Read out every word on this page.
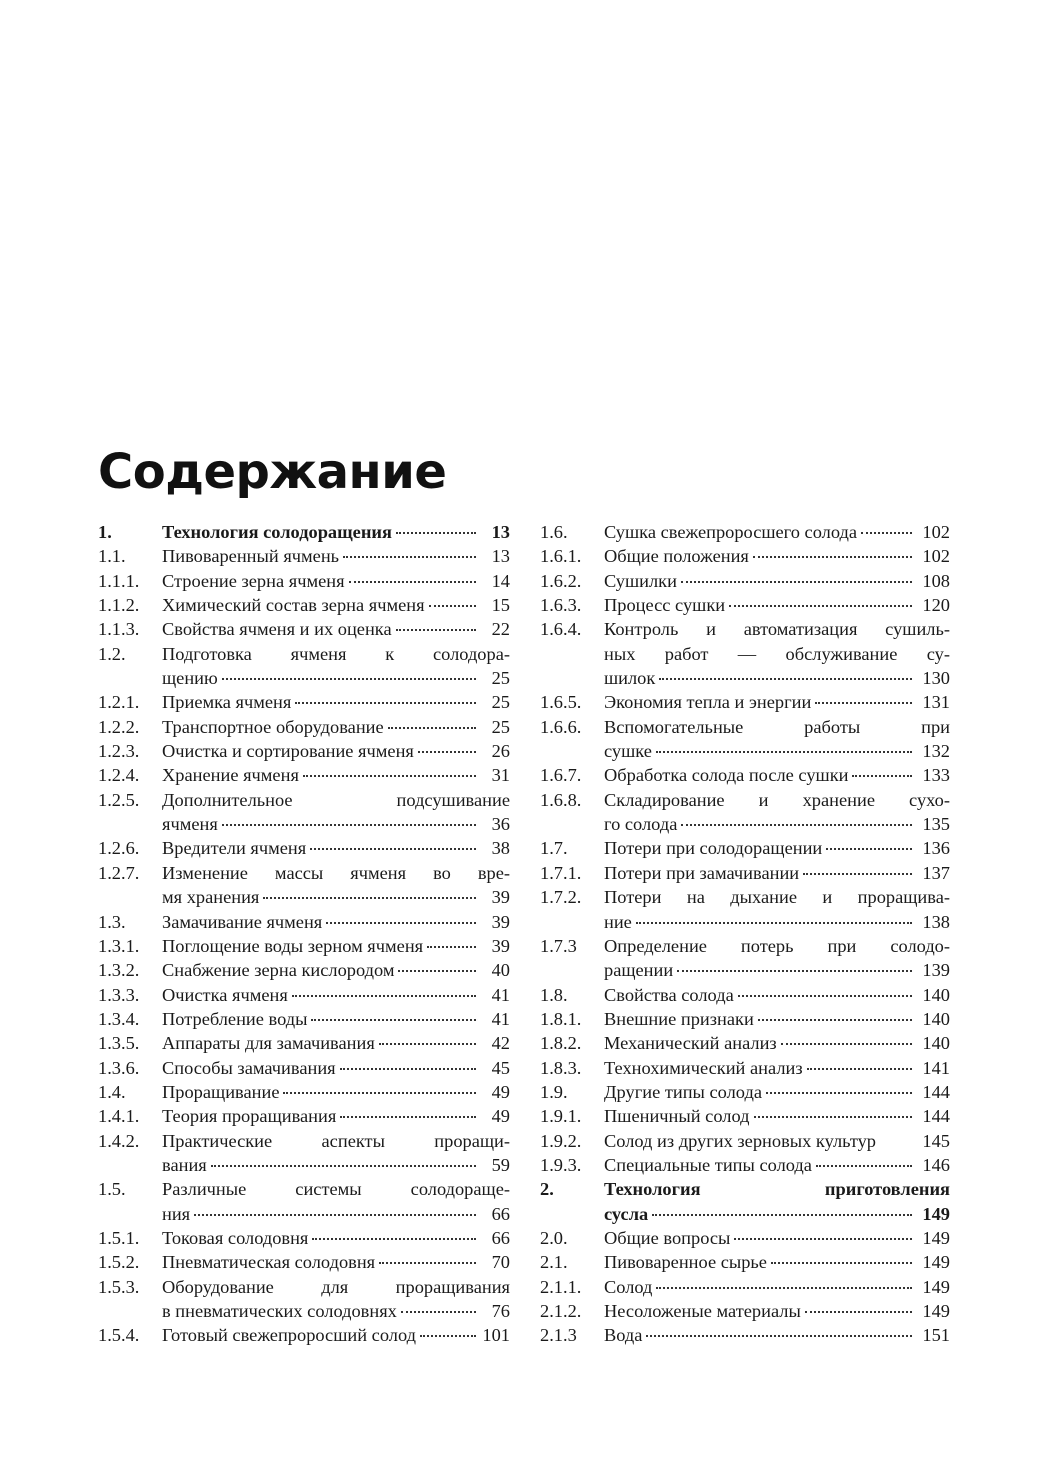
Содержание
1.	Технология солодоращения	13
1.1.	Пивоваренный ячмень	13
1.1.1.	Строение зерна ячменя	14
1.1.2.	Химический состав зерна ячменя	15
1.1.3.	Свойства ячменя и их оценка	22
1.2.	Подготовка ячменя к солодора-
щению	25
1.2.1.	Приемка ячменя	25
1.2.2.	Транспортное оборудование	25
1.2.3.	Очистка и сортирование ячменя	26
1.2.4.	Хранение ячменя	31
1.2.5.	Дополнительное подсушивание
ячменя	36
1.2.6.	Вредители ячменя	38
1.2.7.	Изменение массы ячменя во вре-
мя хранения	39
1.3.	Замачивание ячменя	39
1.3.1.	Поглощение воды зерном ячменя	39
1.3.2.	Снабжение зерна кислородом	40
1.3.3.	Очистка ячменя	41
1.3.4.	Потребление воды	41
1.3.5.	Аппараты для замачивания	42
1.3.6.	Способы замачивания	45
1.4.	Проращивание	49
1.4.1.	Теория проращивания	49
1.4.2.	Практические аспекты проращи-
вания	59
1.5.	Различные системы солодораще-
ния	66
1.5.1.	Токовая солодовня	66
1.5.2.	Пневматическая солодовня	70
1.5.3.	Оборудование для проращивания
в пневматических солодовнях	76
1.5.4.	Готовый свежепроросший солод	101
1.6.	Сушка свежепроросшего солода	102
1.6.1.	Общие положения	102
1.6.2.	Сушилки	108
1.6.3.	Процесс сушки	120
1.6.4.	Контроль и автоматизация сушиль-
ных работ — обслуживание су-
шилок	130
1.6.5.	Экономия тепла и энергии	131
1.6.6.	Вспомогательные работы при
сушке	132
1.6.7.	Обработка солода после сушки	133
1.6.8.	Складирование и хранение сухо-
го солода	135
1.7.	Потери при солодоращении	136
1.7.1.	Потери при замачивании	137
1.7.2.	Потери на дыхание и проращива-
ние	138
1.7.3	Определение потерь при солодо-
ращении	139
1.8.	Свойства солода	140
1.8.1.	Внешние признаки	140
1.8.2.	Механический анализ	140
1.8.3.	Технохимический анализ	141
1.9.	Другие типы солода	144
1.9.1.	Пшеничный солод	144
1.9.2.	Солод из других зерновых культур	145
1.9.3.	Специальные типы солода	146
2.	Технология приготовления
сусла	149
2.0.	Общие вопросы	149
2.1.	Пивоваренное сырье	149
2.1.1.	Солод	149
2.1.2.	Несоложеные материалы	149
2.1.3	Вода	151
